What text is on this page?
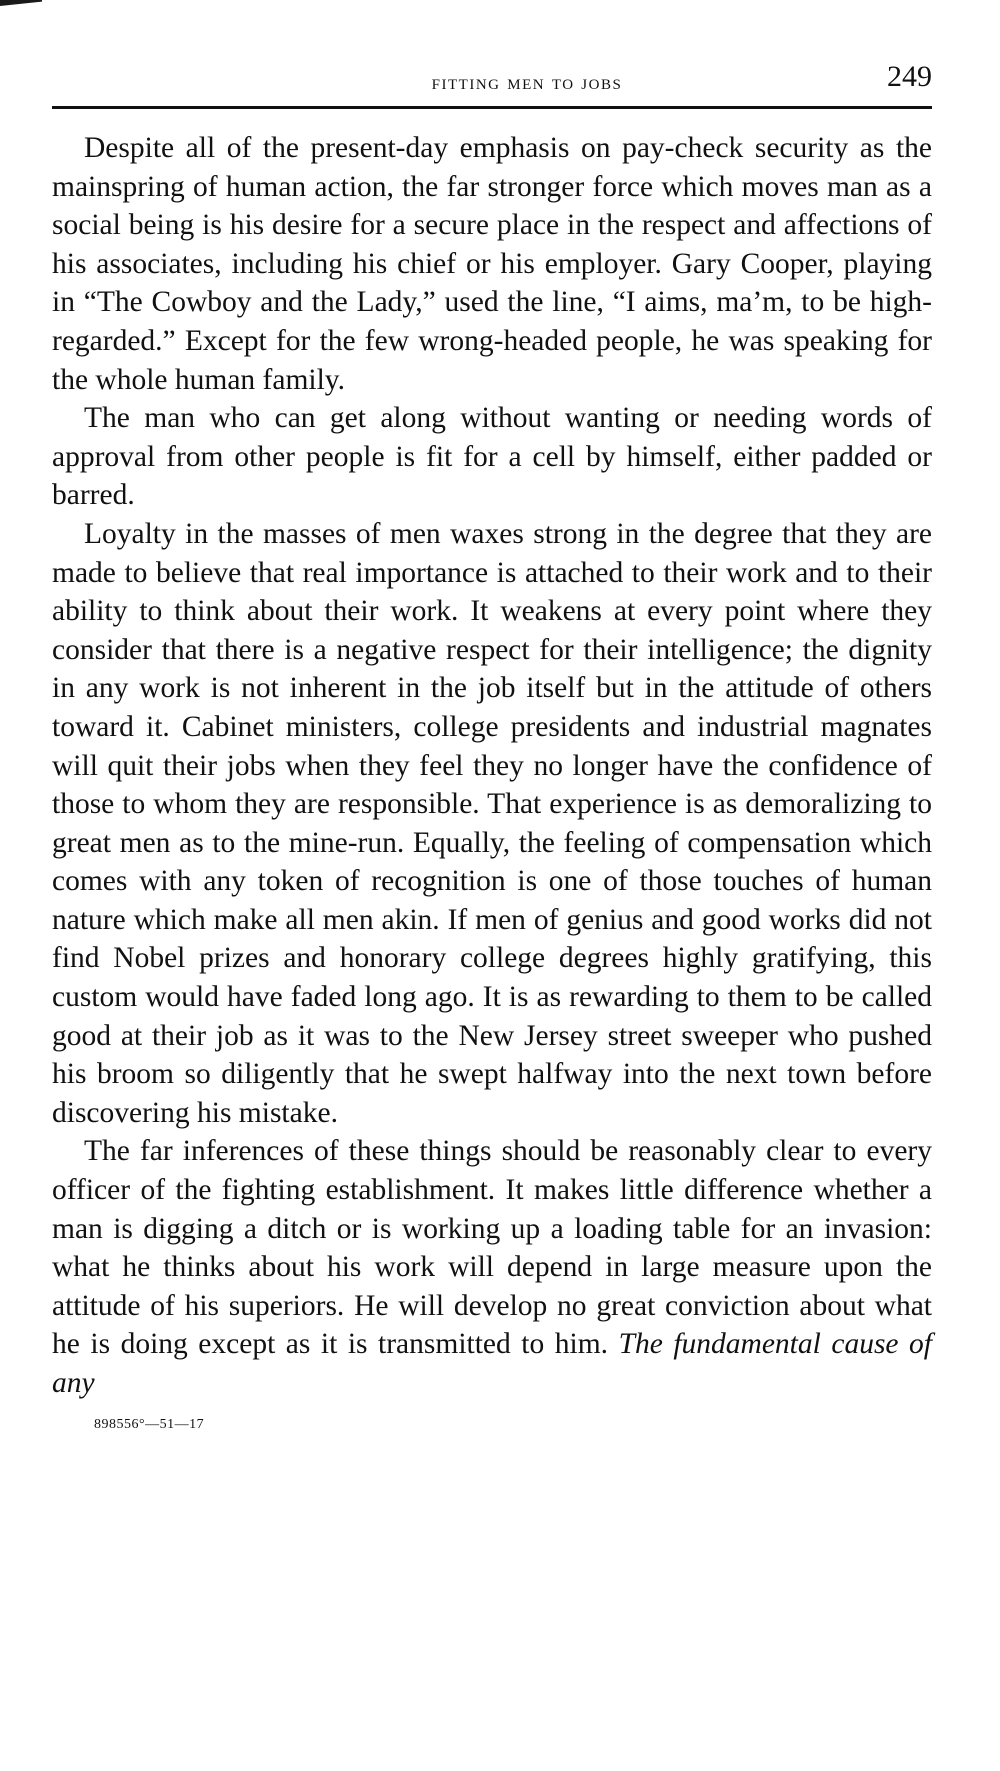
fitting men to jobs	249

Despite all of the present-day emphasis on pay-check security as the mainspring of human action, the far stronger force which moves man as a social being is his desire for a secure place in the respect and affections of his associates, including his chief or his employer. Gary Cooper, playing in “The Cowboy and the Lady,” used the line, “I aims, ma’m, to be high-regarded.” Except for the few wrong-headed people, he was speaking for the whole human family.

The man who can get along without wanting or needing words of approval from other people is fit for a cell by himself, either padded or barred.

Loyalty in the masses of men waxes strong in the degree that they are made to believe that real importance is attached to their work and to their ability to think about their work. It weakens at every point where they consider that there is a negative respect for their intelligence; the dignity in any work is not inherent in the job itself but in the attitude of others toward it. Cabinet ministers, college presidents and industrial magnates will quit their jobs when they feel they no longer have the confidence of those to whom they are responsible. That experience is as demoralizing to great men as to the mine-run. Equally, the feeling of compensation which comes with any token of recognition is one of those touches of human nature which make all men akin. If men of genius and good works did not find Nobel prizes and honorary college degrees highly gratifying, this custom would have faded long ago. It is as rewarding to them to be called good at their job as it was to the New Jersey street sweeper who pushed his broom so diligently that he swept halfway into the next town before discovering his mistake.

The far inferences of these things should be reasonably clear to every officer of the fighting establishment. It makes little difference whether a man is digging a ditch or is working up a loading table for an invasion: what he thinks about his work will depend in large measure upon the attitude of his superiors. He will develop no great conviction about what he is doing except as it is transmitted to him. The fundamental cause of any

898556°—51—17
